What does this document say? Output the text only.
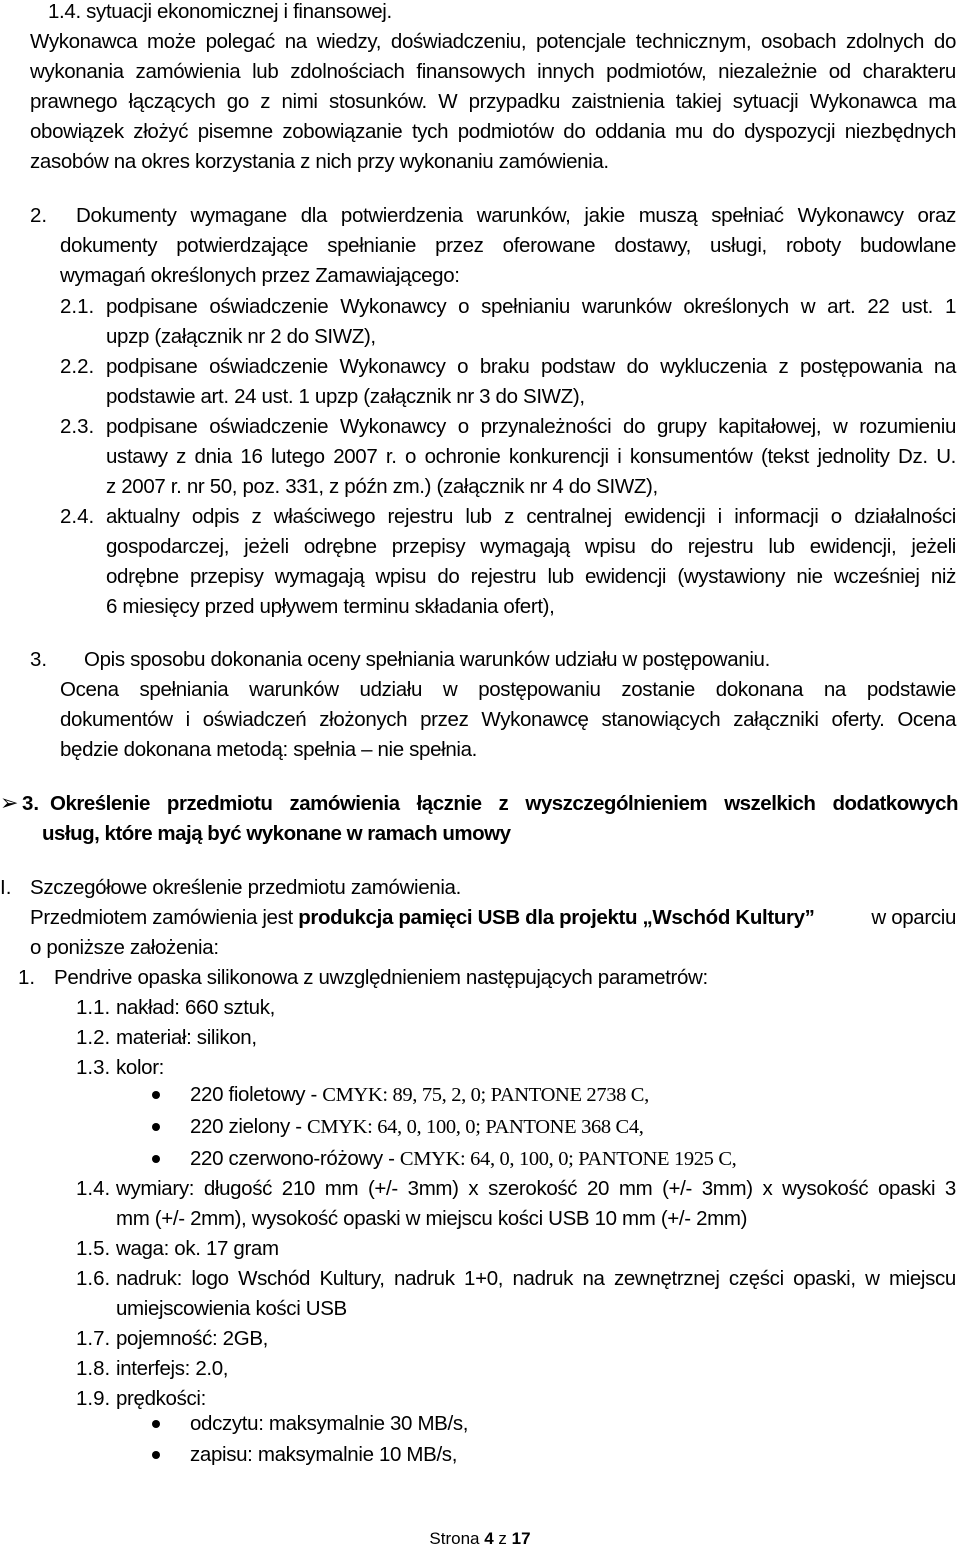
1.4. sytuacji ekonomicznej i finansowej.
Wykonawca może polegać na wiedzy, doświadczeniu, potencjale technicznym, osobach zdolnych do
wykonania zamówienia lub zdolnościach finansowych innych podmiotów, niezależnie od charakteru
prawnego łączących go z nimi stosunków. W przypadku zaistnienia takiej sytuacji Wykonawca ma
obowiązek złożyć pisemne zobowiązanie tych podmiotów do oddania mu do dyspozycji niezbędnych
zasobów na okres korzystania z nich przy wykonaniu zamówienia.
2. Dokumenty wymagane dla potwierdzenia warunków, jakie muszą spełniać Wykonawcy oraz
dokumenty potwierdzające spełnianie przez oferowane dostawy, usługi, roboty budowlane
wymagań określonych przez Zamawiającego:
2.1. podpisane oświadczenie Wykonawcy o spełnianiu warunków określonych w art. 22 ust. 1
upzp (załącznik nr 2 do SIWZ),
2.2. podpisane oświadczenie Wykonawcy o braku podstaw do wykluczenia z postępowania na
podstawie art. 24 ust. 1 upzp (załącznik nr 3 do SIWZ),
2.3. podpisane oświadczenie Wykonawcy o przynależności do grupy kapitałowej, w rozumieniu
ustawy z dnia 16 lutego 2007 r. o ochronie konkurencji i konsumentów (tekst jednolity Dz. U.
z 2007 r. nr 50, poz. 331, z późn zm.) (załącznik nr 4 do SIWZ),
2.4. aktualny odpis z właściwego rejestru lub z centralnej ewidencji i informacji o działalności
gospodarczej, jeżeli odrębne przepisy wymagają wpisu do rejestru lub ewidencji, jeżeli
odrębne przepisy wymagają wpisu do rejestru lub ewidencji (wystawiony nie wcześniej niż
6 miesięcy przed upływem terminu składania ofert),
3. Opis sposobu dokonania oceny spełniania warunków udziału w postępowaniu.
Ocena spełniania warunków udziału w postępowaniu zostanie dokonana na podstawie
dokumentów i oświadczeń złożonych przez Wykonawcę stanowiących załączniki oferty. Ocena
będzie dokonana metodą: spełnia – nie spełnia.
➢ 3. Określenie przedmiotu zamówienia łącznie z wyszczególnieniem wszelkich dodatkowych
usług, które mają być wykonane w ramach umowy
I. Szczegółowe określenie przedmiotu zamówienia.
Przedmiotem zamówienia jest produkcja pamięci USB dla projektu „Wschód Kultury”	w oparciu
o poniższe założenia:
1. Pendrive opaska silikonowa z uwzględnieniem następujących parametrów:
1.1. nakład: 660 sztuk,
1.2. materiał: silikon,
1.3. kolor:
220 fioletowy - CMYK: 89, 75, 2, 0; PANTONE 2738 C,
220 zielony - CMYK: 64, 0, 100, 0; PANTONE 368 C4,
220 czerwono-różowy - CMYK: 64, 0, 100, 0; PANTONE 1925 C,
1.4. wymiary: długość 210 mm (+/- 3mm) x szerokość 20 mm (+/- 3mm) x wysokość opaski 3
mm (+/- 2mm), wysokość opaski w miejscu kości USB 10 mm (+/- 2mm)
1.5. waga: ok. 17 gram
1.6. nadruk: logo Wschód Kultury, nadruk 1+0, nadruk na zewnętrznej części opaski, w miejscu
umiejscowienia kości USB
1.7. pojemność: 2GB,
1.8. interfejs: 2.0,
1.9. prędkości:
odczytu: maksymalnie 30 MB/s,
zapisu: maksymalnie 10 MB/s,
Strona 4 z 17
